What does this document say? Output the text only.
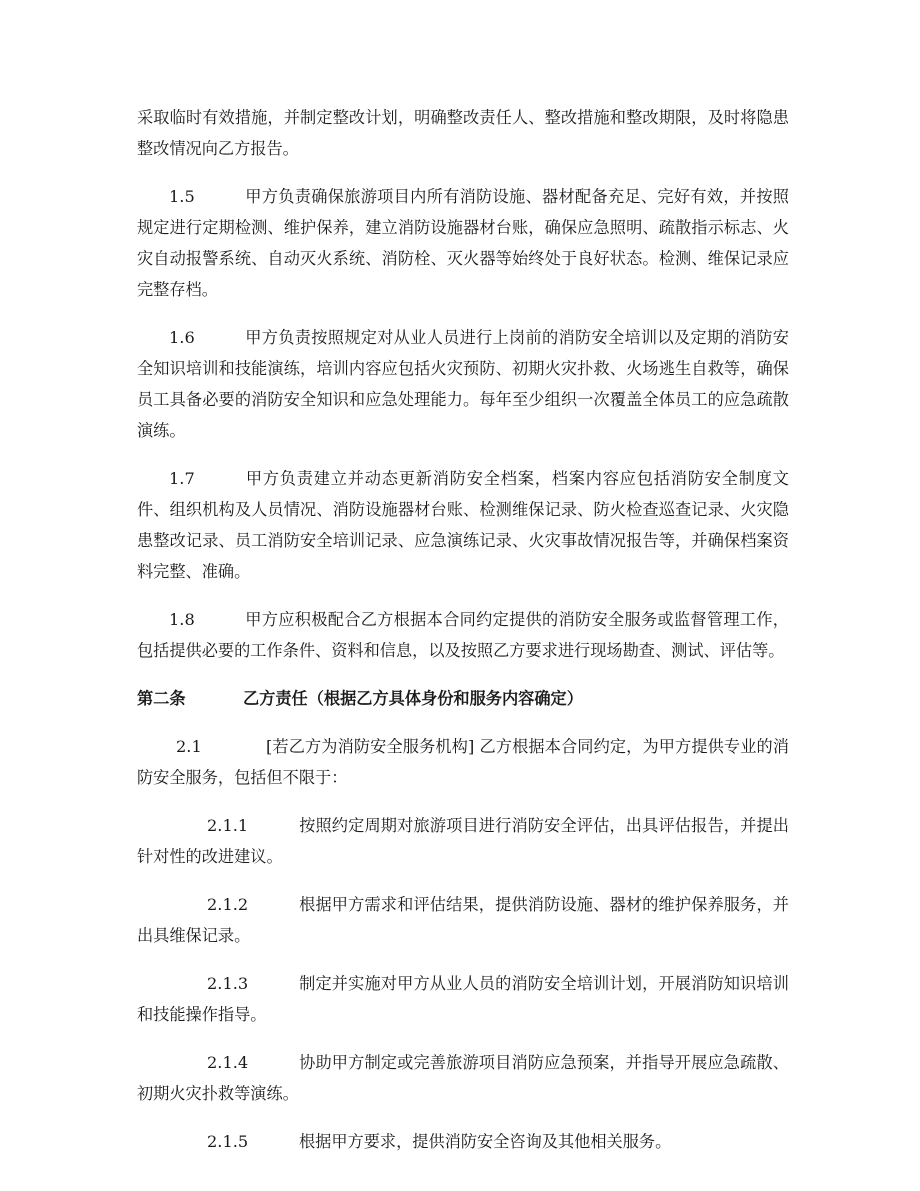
采取临时有效措施，并制定整改计划，明确整改责任人、整改措施和整改期限，及时将隐患整改情况向乙方报告。

1.5	甲方负责确保旅游项目内所有消防设施、器材配备充足、完好有效，并按照规定进行定期检测、维护保养，建立消防设施器材台账，确保应急照明、疏散指示标志、火灾自动报警系统、自动灭火系统、消防栓、灭火器等始终处于良好状态。检测、维保记录应完整存档。

1.6	甲方负责按照规定对从业人员进行上岗前的消防安全培训以及定期的消防安全知识培训和技能演练，培训内容应包括火灾预防、初期火灾扑救、火场逃生自救等，确保员工具备必要的消防安全知识和应急处理能力。每年至少组织一次覆盖全体员工的应急疏散演练。

1.7	甲方负责建立并动态更新消防安全档案，档案内容应包括消防安全制度文件、组织机构及人员情况、消防设施器材台账、检测维保记录、防火检查巡查记录、火灾隐患整改记录、员工消防安全培训记录、应急演练记录、火灾事故情况报告等，并确保档案资料完整、准确。

1.8	甲方应积极配合乙方根据本合同约定提供的消防安全服务或监督管理工作，包括提供必要的工作条件、资料和信息，以及按照乙方要求进行现场勘查、测试、评估等。

第二条	乙方责任（根据乙方具体身份和服务内容确定）

2.1	[若乙方为消防安全服务机构] 乙方根据本合同约定，为甲方提供专业的消防安全服务，包括但不限于：

2.1.1	按照约定周期对旅游项目进行消防安全评估，出具评估报告，并提出针对性的改进建议。

2.1.2	根据甲方需求和评估结果，提供消防设施、器材的维护保养服务，并出具维保记录。

2.1.3	制定并实施对甲方从业人员的消防安全培训计划，开展消防知识培训和技能操作指导。

2.1.4	协助甲方制定或完善旅游项目消防应急预案，并指导开展应急疏散、初期火灾扑救等演练。

2.1.5	根据甲方要求，提供消防安全咨询及其他相关服务。
